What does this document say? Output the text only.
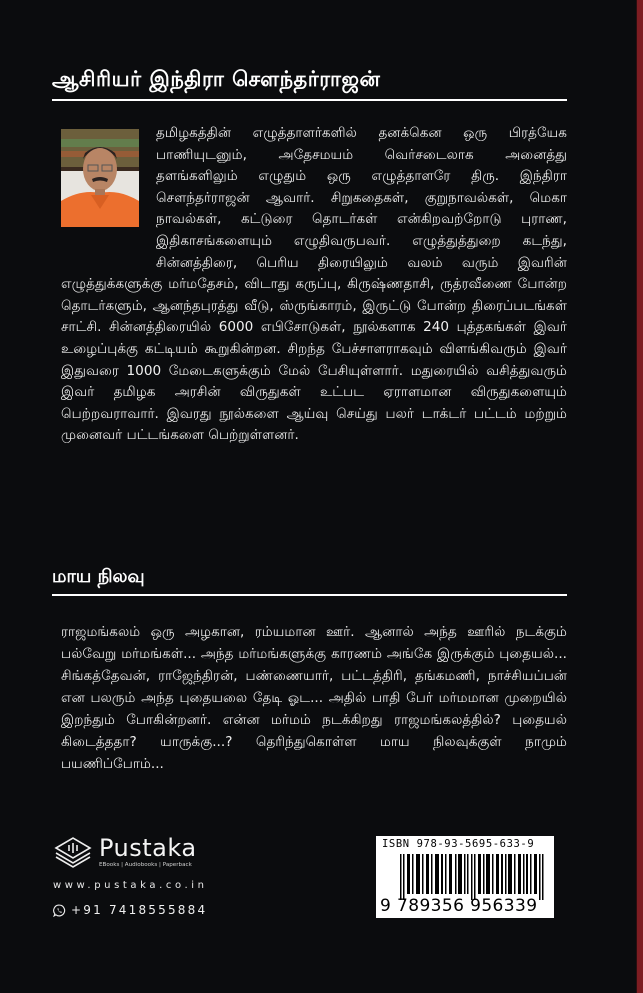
ஆசிரியர் இந்திரா சௌந்தர்ராஜன்
தமிழகத்தின் எழுத்தாளர்களில் தனக்கென ஒரு பிரத்யேக பாணியுடனும், அதேசமயம் வெர்சடைலாக அனைத்து தளங்களிலும் எழுதும் ஒரு எழுத்தாளரே திரு. இந்திரா சௌந்தர்ராஜன் ஆவார். சிறுகதைகள், குறுநாவல்கள், மெகா நாவல்கள், கட்டுரை தொடர்கள் என்கிறவற்றோடு புராண, இதிகாசங்களையும் எழுதிவருபவர். எழுத்துத்துறை கடந்து, சின்னத்திரை, பெரிய திரையிலும் வலம் வரும் இவரின் எழுத்துக்களுக்கு மர்மதேசம், விடாது கருப்பு, கிருஷ்ணதாசி, ருத்ரவீணை போன்ற தொடர்களும், ஆனந்தபுரத்து வீடு, ஸ்ருங்காரம், இருட்டு போன்ற திரைப்படங்கள் சாட்சி. சின்னத்திரையில் 6000 எபிசோடுகள், நூல்களாக 240 புத்தகங்கள் இவர் உழைப்புக்கு கட்டியம் கூறுகின்றன. சிறந்த பேச்சாளராகவும் விளங்கிவரும் இவர் இதுவரை 1000 மேடைகளுக்கும் மேல் பேசியுள்ளார். மதுரையில் வசித்துவரும் இவர் தமிழக அரசின் விருதுகள் உட்பட ஏராளமான விருதுகளையும் பெற்றவராவார். இவரது நூல்களை ஆய்வு செய்து பலர் டாக்டர் பட்டம் மற்றும் முனைவர் பட்டங்களை பெற்றுள்ளனர்.
மாய நிலவு
ராஜமங்கலம் ஒரு அழகான, ரம்யமான ஊர். ஆனால் அந்த ஊரில் நடக்கும் பல்வேறு மர்மங்கள்... அந்த மர்மங்களுக்கு காரணம் அங்கே இருக்கும் புதையல்... சிங்கத்தேவன், ராஜேந்திரன், பண்ணையார், பட்டத்திரி, தங்கமணி, நாச்சியப்பன் என பலரும் அந்த புதையலை தேடி ஓட... அதில் பாதி பேர் மர்மமான முறையில் இறந்தும் போகின்றனர். என்ன மர்மம் நடக்கிறது ராஜமங்கலத்தில்? புதையல் கிடைத்ததா? யாருக்கு...? தெரிந்துகொள்ள மாய நிலவுக்குள் நாமும் பயணிப்போம்...
Pustaka
EBooks | Audiobooks | Paperback
www.pustaka.co.in
+91 7418555884
ISBN 978-93-5695-633-9
9 789356 956339
